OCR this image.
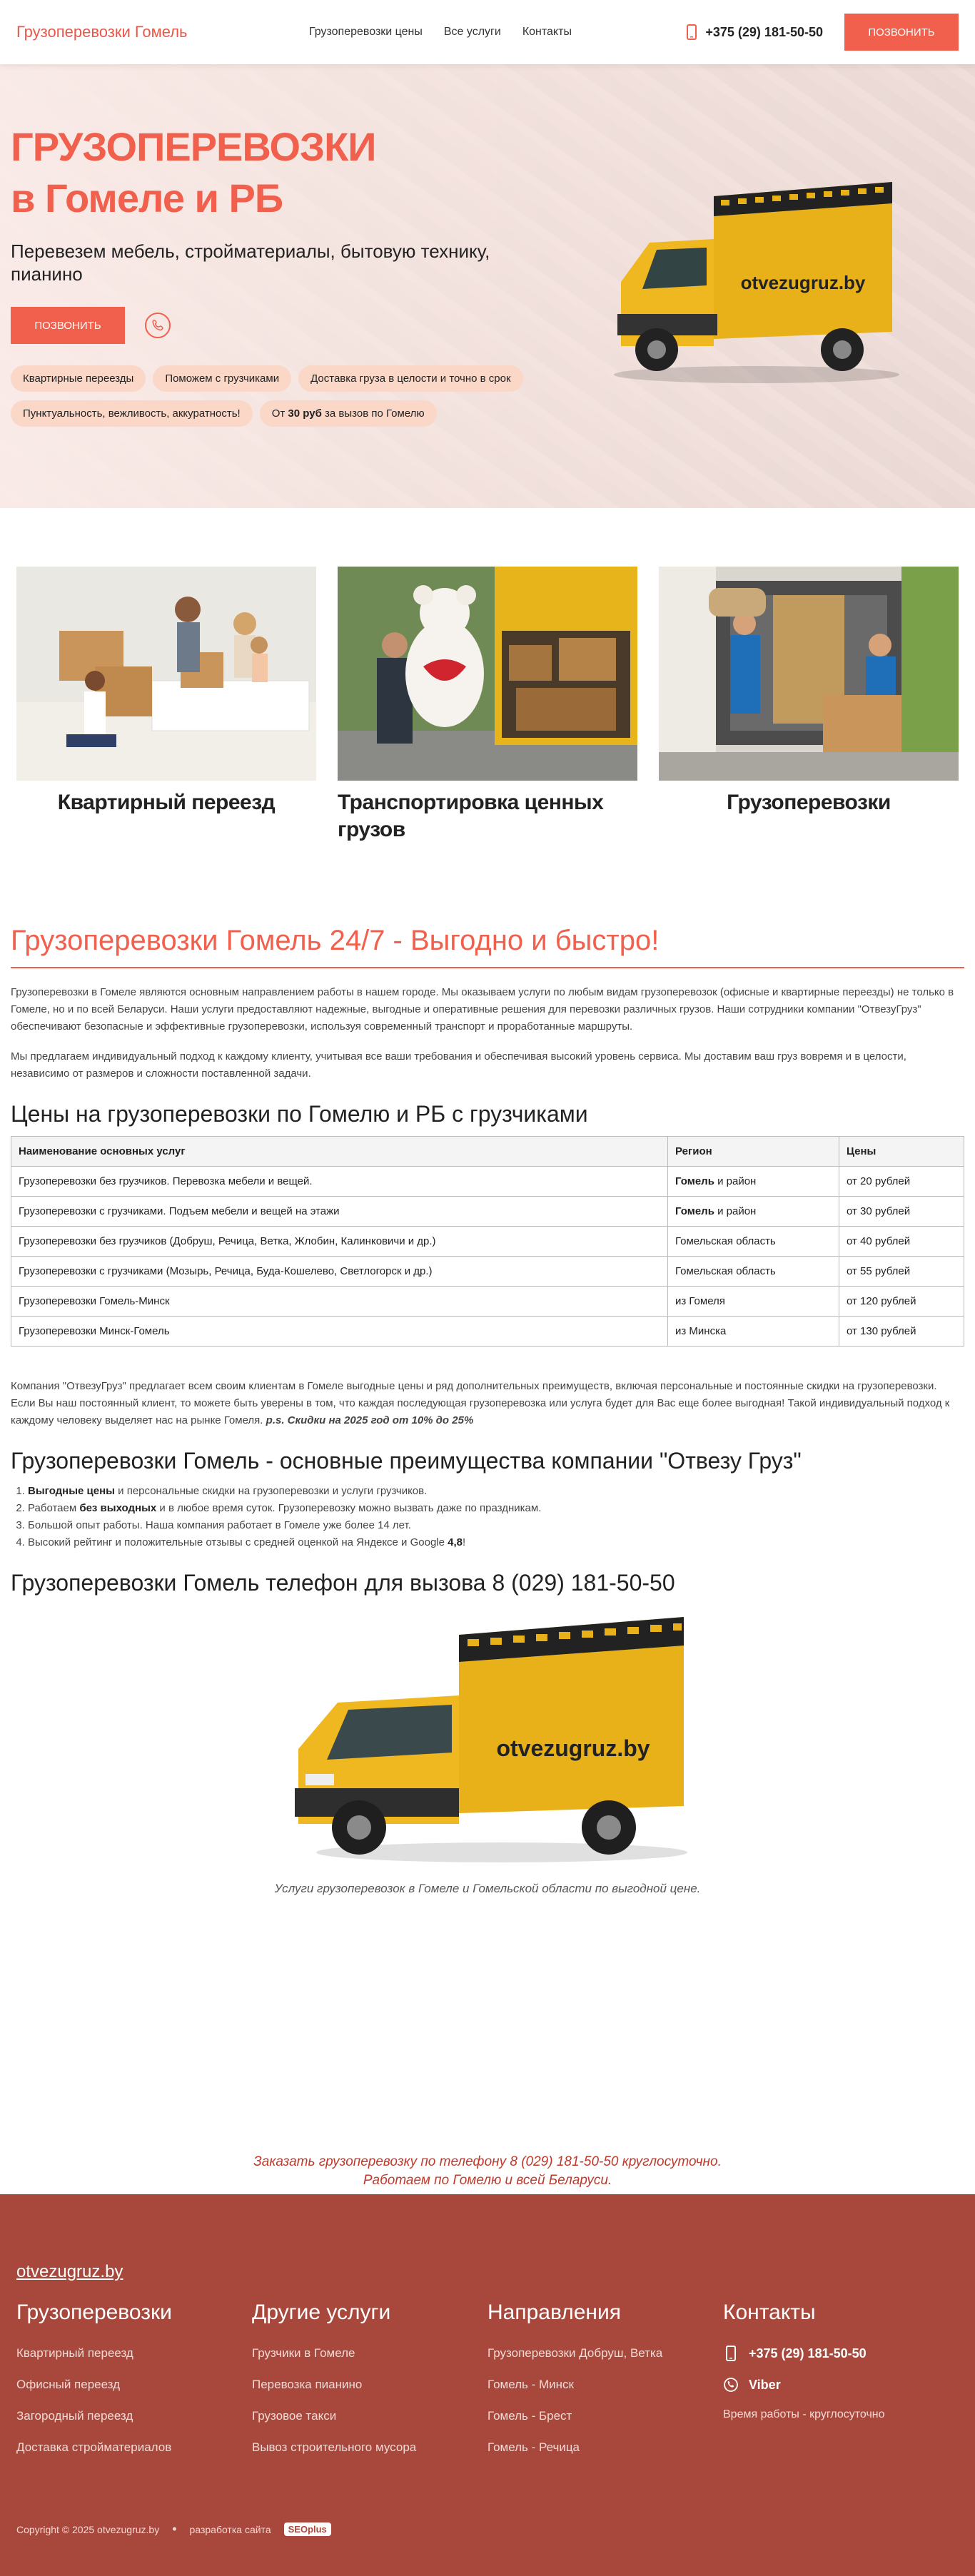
Грузоперевозки Гомель	Грузоперевозки цены Все услуги Контакты	+375 (29) 181-50-50	ПОЗВОНИТЬ
ГРУЗОПЕРЕВОЗКИ
в Гомеле и РБ
Перевезем мебель, стройматериалы, бытовую технику, пианино
ПОЗВОНИТЬ
Квартирные переезды	Поможем с грузчиками	Доставка груза в целости и точно в срок
Пунктуальность, вежливость, аккуратность!	От 30 руб за вызов по Гомелю
otvezugruz.by
Квартирный переезд	Транспортировка ценных грузов
Грузоперевозки
Грузоперевозки Гомель 24/7 - Выгодно и быстро!

Грузоперевозки в Гомеле являются основным направлением работы в нашем городе. Мы оказываем услуги по любым видам грузоперевозок (офисные и квартирные переезды) не только в Гомеле, но и по всей Беларуси. Наши услуги предоставляют надежные, выгодные и оперативные решения для перевозки различных грузов. Наши сотрудники компании "ОтвезуГруз" обеспечивают безопасные и эффективные грузоперевозки, используя современный транспорт и проработанные маршруты.

Мы предлагаем индивидуальный подход к каждому клиенту, учитывая все ваши требования и обеспечивая высокий уровень сервиса. Мы доставим ваш груз вовремя и в целости, независимо от размеров и сложности поставленной задачи.

Цены на грузоперевозки по Гомелю и РБ с грузчиками
Наименование основных услуг	Регион	Цены
Грузоперевозки без грузчиков. Перевозка мебели и вещей.	Гомель и район	от 20 рублей
Грузоперевозки с грузчиками. Подъем мебели и вещей на этажи	Гомель и район	от 30 рублей
Грузоперевозки без грузчиков (Добруш, Речица, Ветка, Жлобин, Калинковичи и др.)	Гомельская область	от 40 рублей
Грузоперевозки с грузчиками (Мозырь, Речица, Буда-Кошелево, Светлогорск и др.)	Гомельская область	от 55 рублей
Грузоперевозки Гомель-Минск	из Гомеля	от 120 рублей
Грузоперевозки Минск-Гомель	из Минска	от 130 рублей

Компания "ОтвезуГруз" предлагает всем своим клиентам в Гомеле выгодные цены и ряд дополнительных преимуществ, включая персональные и постоянные скидки на грузоперевозки. Если Вы наш постоянный клиент, то можете быть уверены в том, что каждая последующая грузоперевозка или услуга будет для Вас еще более выгодная! Такой индивидуальный подход к каждому человеку выделяет нас на рынке Гомеля. p.s. Скидки на 2025 год от 10% до 25%

Грузоперевозки Гомель - основные преимущества компании "Отвезу Груз"
1. Выгодные цены и персональные скидки на грузоперевозки и услуги грузчиков.
2. Работаем без выходных и в любое время суток. Грузоперевозку можно вызвать даже по праздникам.
3. Большой опыт работы. Наша компания работает в Гомеле уже более 14 лет.
4. Высокий рейтинг и положительные отзывы с средней оценкой на Яндексе и Google 4,8!
Грузоперевозки Гомель телефон для вызова 8 (029) 181-50-50
otvezugruz.by
Услуги грузоперевозок в Гомеле и Гомельской области по выгодной цене.
Заказать грузоперевозку по телефону 8 (029) 181-50-50 круглосуточно.
Работаем по Гомелю и всей Беларуси.
otvezugruz.by
Грузоперевозки
Квартирный переезд
Офисный переезд
Загородный переезд
Доставка стройматериалов
Другие услуги
Грузчики в Гомеле
Перевозка пианино
Грузовое такси
Вывоз строительного мусора
Направления
Грузоперевозки Добруш, Ветка
Гомель - Минск
Гомель - Брест
Гомель - Речица
Контакты
+375 (29) 181-50-50
Viber
Время работы - круглосуточно
Copyright © 2025 otvezugruz.by • разработка сайта	SEOplus
